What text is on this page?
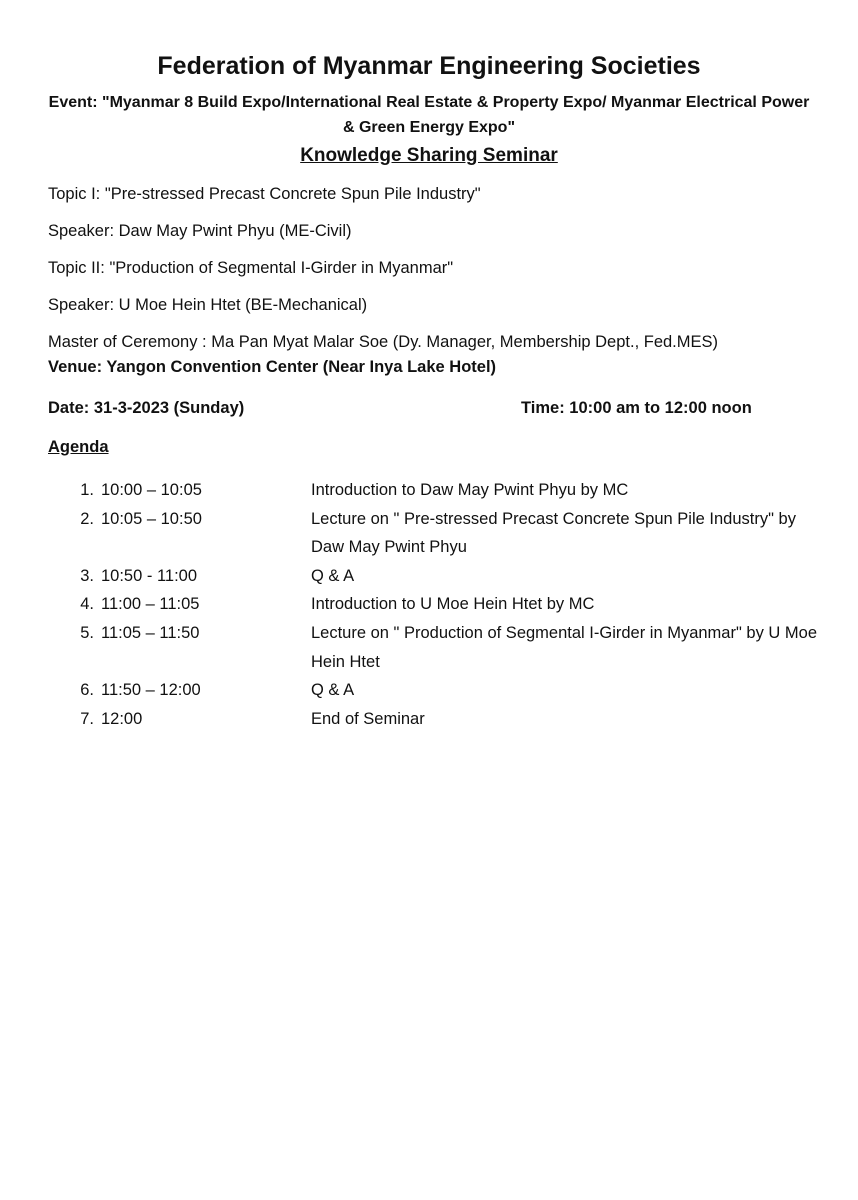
Federation of Myanmar Engineering Societies
Event: "Myanmar 8 Build Expo/International Real Estate & Property Expo/ Myanmar Electrical Power & Green Energy Expo"
Knowledge Sharing Seminar
Topic I: "Pre-stressed Precast Concrete Spun Pile Industry"
Speaker: Daw May Pwint Phyu (ME-Civil)
Topic II: "Production of Segmental I-Girder in Myanmar"
Speaker: U Moe Hein Htet (BE-Mechanical)
Master of Ceremony : Ma Pan Myat Malar Soe (Dy. Manager, Membership Dept., Fed.MES)
Venue: Yangon Convention Center (Near Inya Lake Hotel)
Date: 31-3-2023 (Sunday)	Time: 10:00 am to 12:00 noon
Agenda
1. 10:00 – 10:05	Introduction to Daw May Pwint Phyu by MC
2. 10:05 – 10:50	Lecture on " Pre-stressed Precast Concrete Spun Pile Industry" by Daw May Pwint Phyu
3. 10:50 - 11:00	Q & A
4. 11:00 – 11:05	Introduction to U Moe Hein Htet by MC
5. 11:05 – 11:50	Lecture on " Production of Segmental I-Girder in Myanmar" by U Moe Hein Htet
6. 11:50 – 12:00	Q & A
7. 12:00	End of Seminar
